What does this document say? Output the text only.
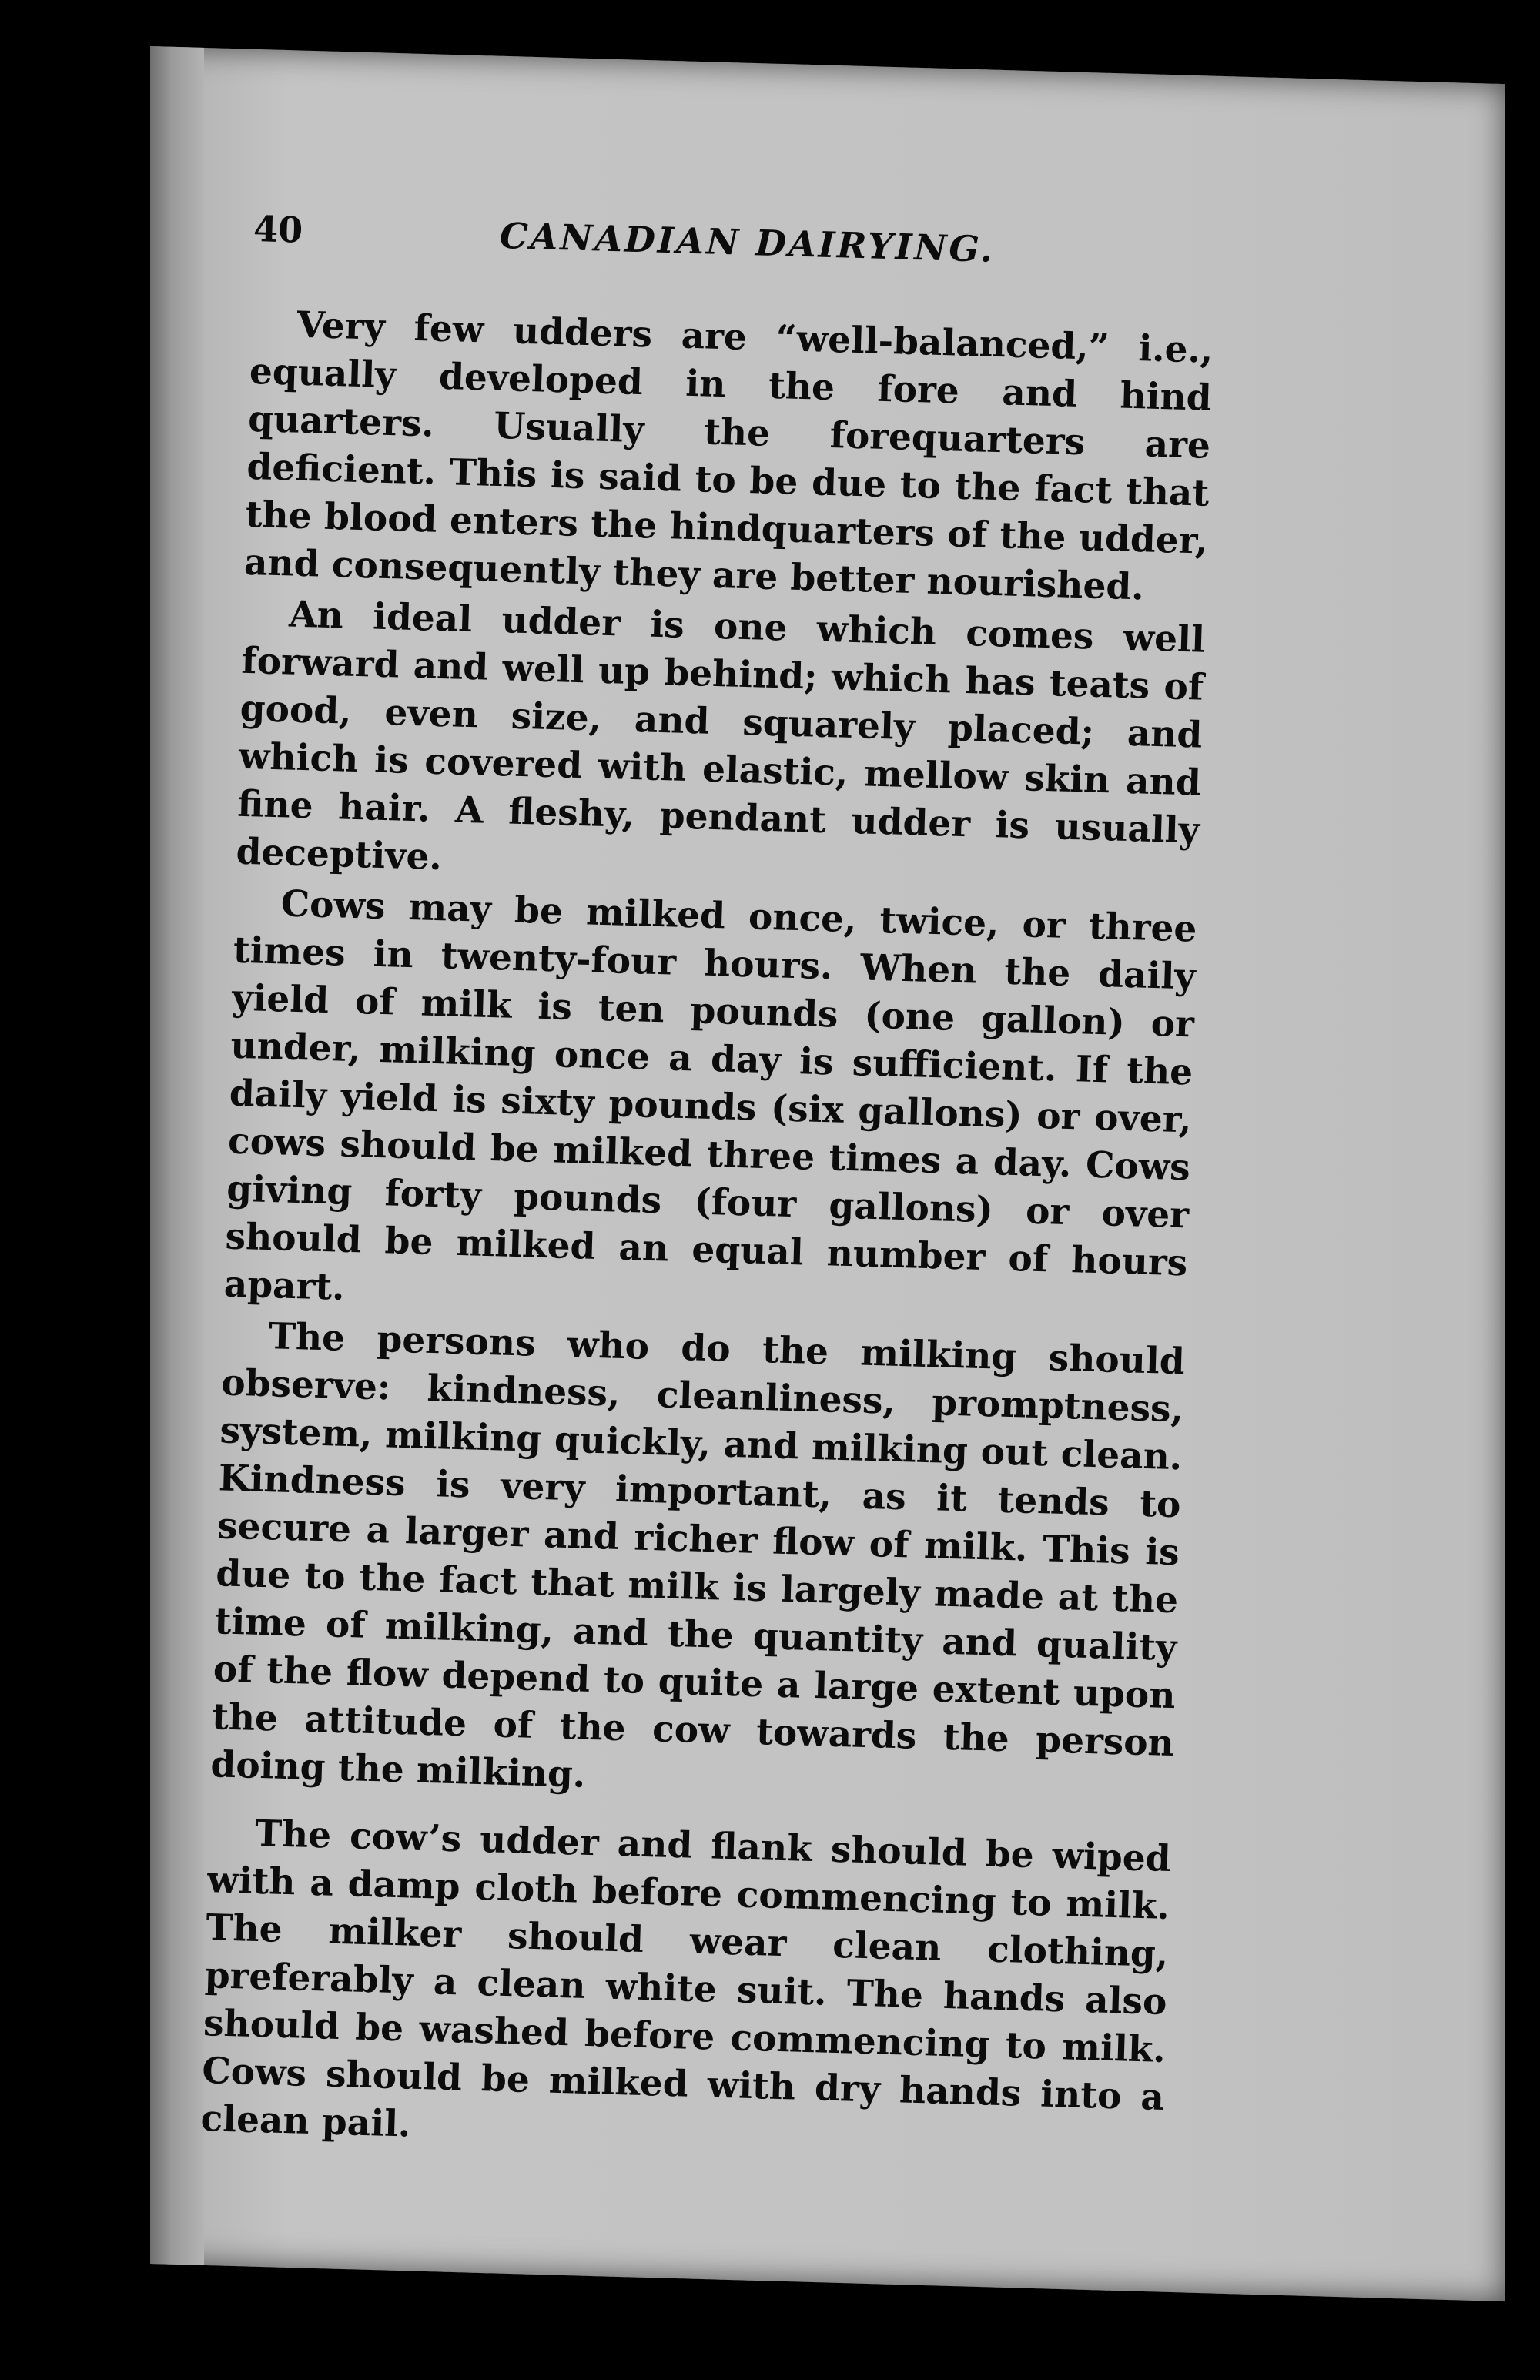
40	CANADIAN DAIRYING.

Very few udders are “well-balanced,” i.e., equally developed in the fore and hind quarters. Usually the forequarters are deficient. This is said to be due to the fact that the blood enters the hindquarters of the udder, and consequently they are better nourished.

An ideal udder is one which comes well forward and well up behind; which has teats of good, even size, and squarely placed; and which is covered with elastic, mellow skin and fine hair. A fleshy, pendant udder is usually deceptive.

Cows may be milked once, twice, or three times in twenty-four hours. When the daily yield of milk is ten pounds (one gallon) or under, milking once a day is sufficient. If the daily yield is sixty pounds (six gallons) or over, cows should be milked three times a day. Cows giving forty pounds (four gallons) or over should be milked an equal number of hours apart.

The persons who do the milking should observe: kindness, cleanliness, promptness, system, milking quickly, and milking out clean. Kindness is very important, as it tends to secure a larger and richer flow of milk. This is due to the fact that milk is largely made at the time of milking, and the quantity and quality of the flow depend to quite a large extent upon the attitude of the cow towards the person doing the milking.

The cow’s udder and flank should be wiped with a damp cloth before commencing to milk. The milker should wear clean clothing, preferably a clean white suit. The hands also should be washed before commencing to milk. Cows should be milked with dry hands into a clean pail.
